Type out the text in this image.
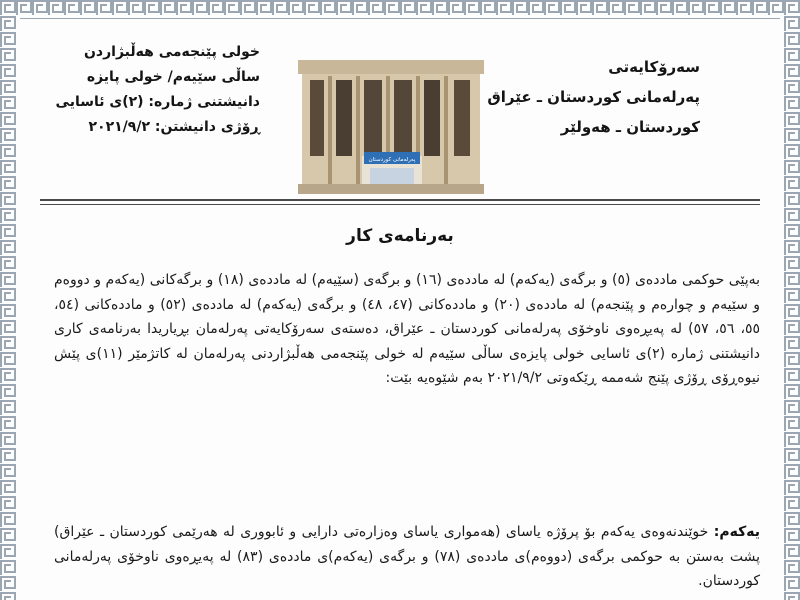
سەرۆکایەتی
پەرلەمانی کوردستان ـ عێراق
کوردستان ـ هەولێر
خولی پێنجەمی هەڵبژاردن
ساڵی سێیەم/ خولی پایزە
دانیشتنی ژمارە: (٢)ی ئاسایی
ڕۆژی دانیشتن: ٢٠٢١/٩/٢
پەرلەمانی کوردستان
بەرنامەی کار
بەپێی حوکمی ماددەی (٥) و برگەی (یەکەم) لە ماددەی (١٦) و برگەی (سێیەم) لە ماددەی (١٨) و برگەکانی (یەکەم و دووەم و سێیەم و چوارەم و پێنجەم) لە ماددەی (٢٠) و ماددەکانی (٤٧، ٤٨) و برگەی (یەکەم) لە ماددەی (٥٢) و ماددەکانی (٥٤، ٥٥، ٥٦، ٥٧) لە پەیڕەوی ناوخۆی پەرلەمانی کوردستان ـ عێراق، دەستەی سەرۆکایەتی پەرلەمان بڕیاریدا بەرنامەی کاری دانیشتنی ژمارە (٢)ی ئاسایی خولی پایزەی ساڵی سێیەم لە خولی پێنجەمی هەڵبژاردنی پەرلەمان لە کاتژمێر (١١)ی پێش نیوەڕۆی ڕۆژی پێنج شەممە ڕێکەوتی ٢٠٢١/٩/٢ بەم شێوەیە بێت:
یەکەم: خوێندنەوەی یەکەم بۆ پرۆژە یاسای (هەمواری یاسای وەزارەتی دارایی و ئابووری لە هەرێمی کوردستان ـ عێراق) پشت بەستن بە حوکمی برگەی (دووەم)ی ماددەی (٧٨) و برگەی (یەکەم)ی ماددەی (٨٣) لە پەیڕەوی ناوخۆی پەرلەمانی کوردستان.
